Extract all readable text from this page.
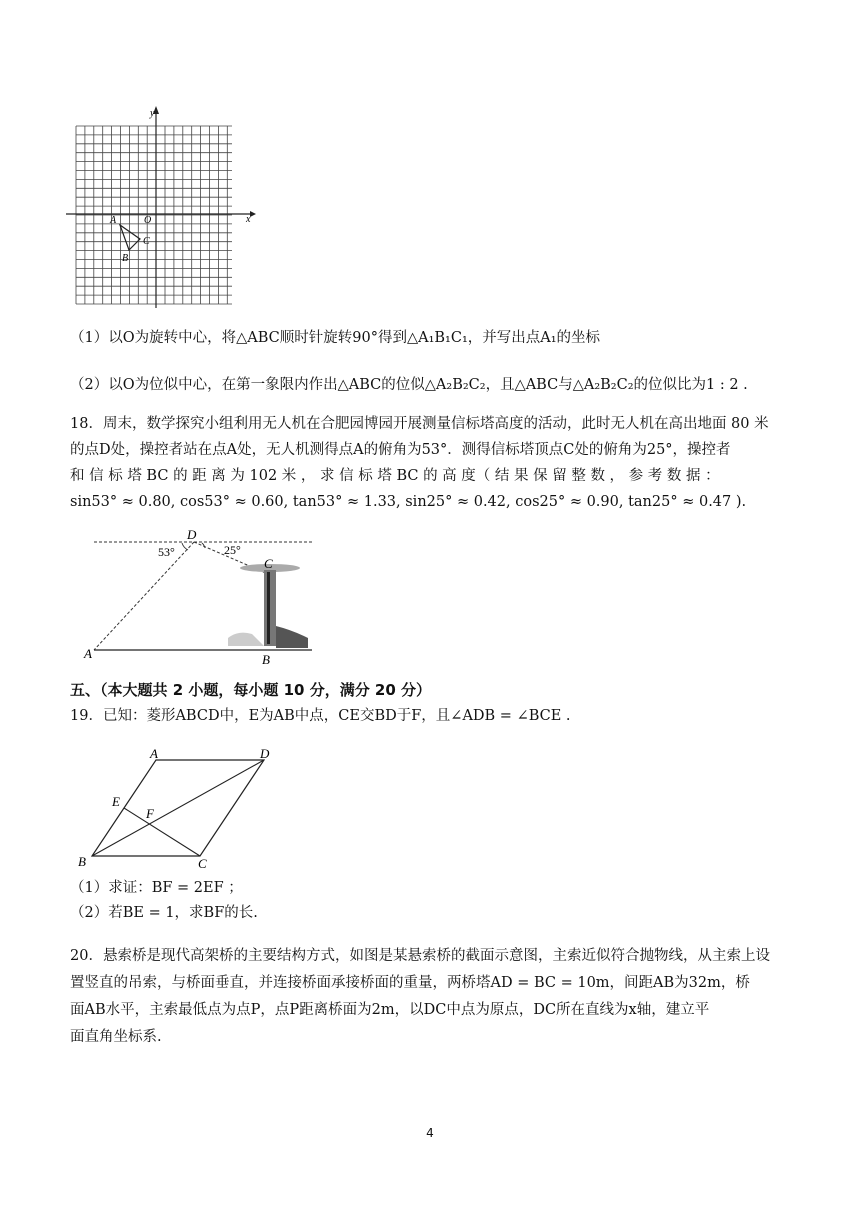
y
x
A	O
B
C
（1）以O为旋转中心，将△ABC顺时针旋转90°得到△A₁B₁C₁，并写出点A₁的坐标
（2）以O为位似中心，在第一象限内作出△ABC的位似△A₂B₂C₂，且△ABC与△A₂B₂C₂的位似比为1 : 2 .
18．周末，数学探究小组利用无人机在合肥园博园开展测量信标塔高度的活动，此时无人机在高出地面 80 米
的点D处，操控者站在点A处，无人机测得点A的俯角为53°．测得信标塔顶点C处的俯角为25°，操控者
和 信 标 塔 BC 的 距 离 为 102 米 ， 求 信 标 塔 BC 的 高 度（ 结 果 保 留 整 数 ， 参 考 数 据 ：
sin53° ≈ 0.80, cos53° ≈ 0.60, tan53° ≈ 1.33, sin25° ≈ 0.42, cos25° ≈ 0.90, tan25° ≈ 0.47 ).
D
53°	25°
C
A	B
五、（本大题共 2 小题，每小题 10 分，满分 20 分）
19．已知：菱形ABCD中，E为AB中点，CE交BD于F，且∠ADB = ∠BCE .
A	D
E
F
B	C
（1）求证：BF = 2EF ；
（2）若BE = 1，求BF的长.
20．悬索桥是现代高架桥的主要结构方式，如图是某悬索桥的截面示意图，主索近似符合抛物线，从主索上设
置竖直的吊索，与桥面垂直，并连接桥面承接桥面的重量，两桥塔AD = BC = 10m，间距AB为32m，桥
面AB水平，主索最低点为点P，点P距离桥面为2m，以DC中点为原点，DC所在直线为x轴，建立平
面直角坐标系.
4
